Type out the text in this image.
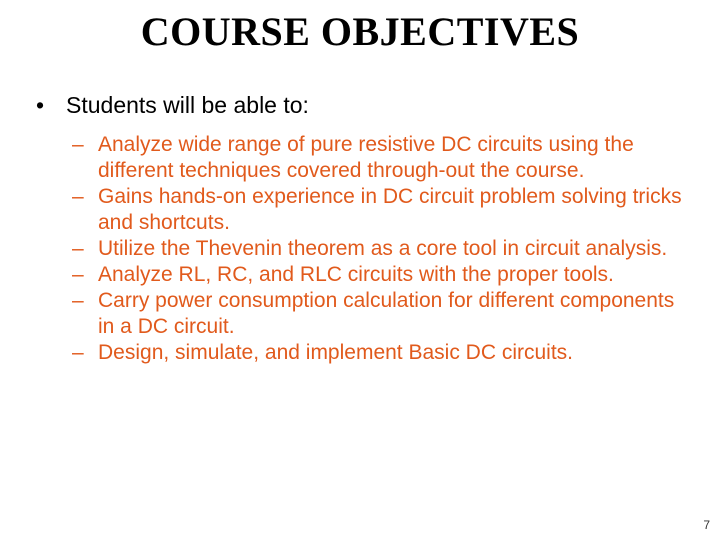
COURSE OBJECTIVES
• Students will be able to:
– Analyze wide range of pure resistive DC circuits using the different techniques covered through-out the course.
– Gains hands-on experience in DC circuit problem solving tricks and shortcuts.
– Utilize the Thevenin theorem as a core tool in circuit analysis.
– Analyze RL, RC, and RLC circuits with the proper tools.
– Carry power consumption calculation for different components in a DC circuit.
– Design, simulate, and implement Basic DC circuits.
7
